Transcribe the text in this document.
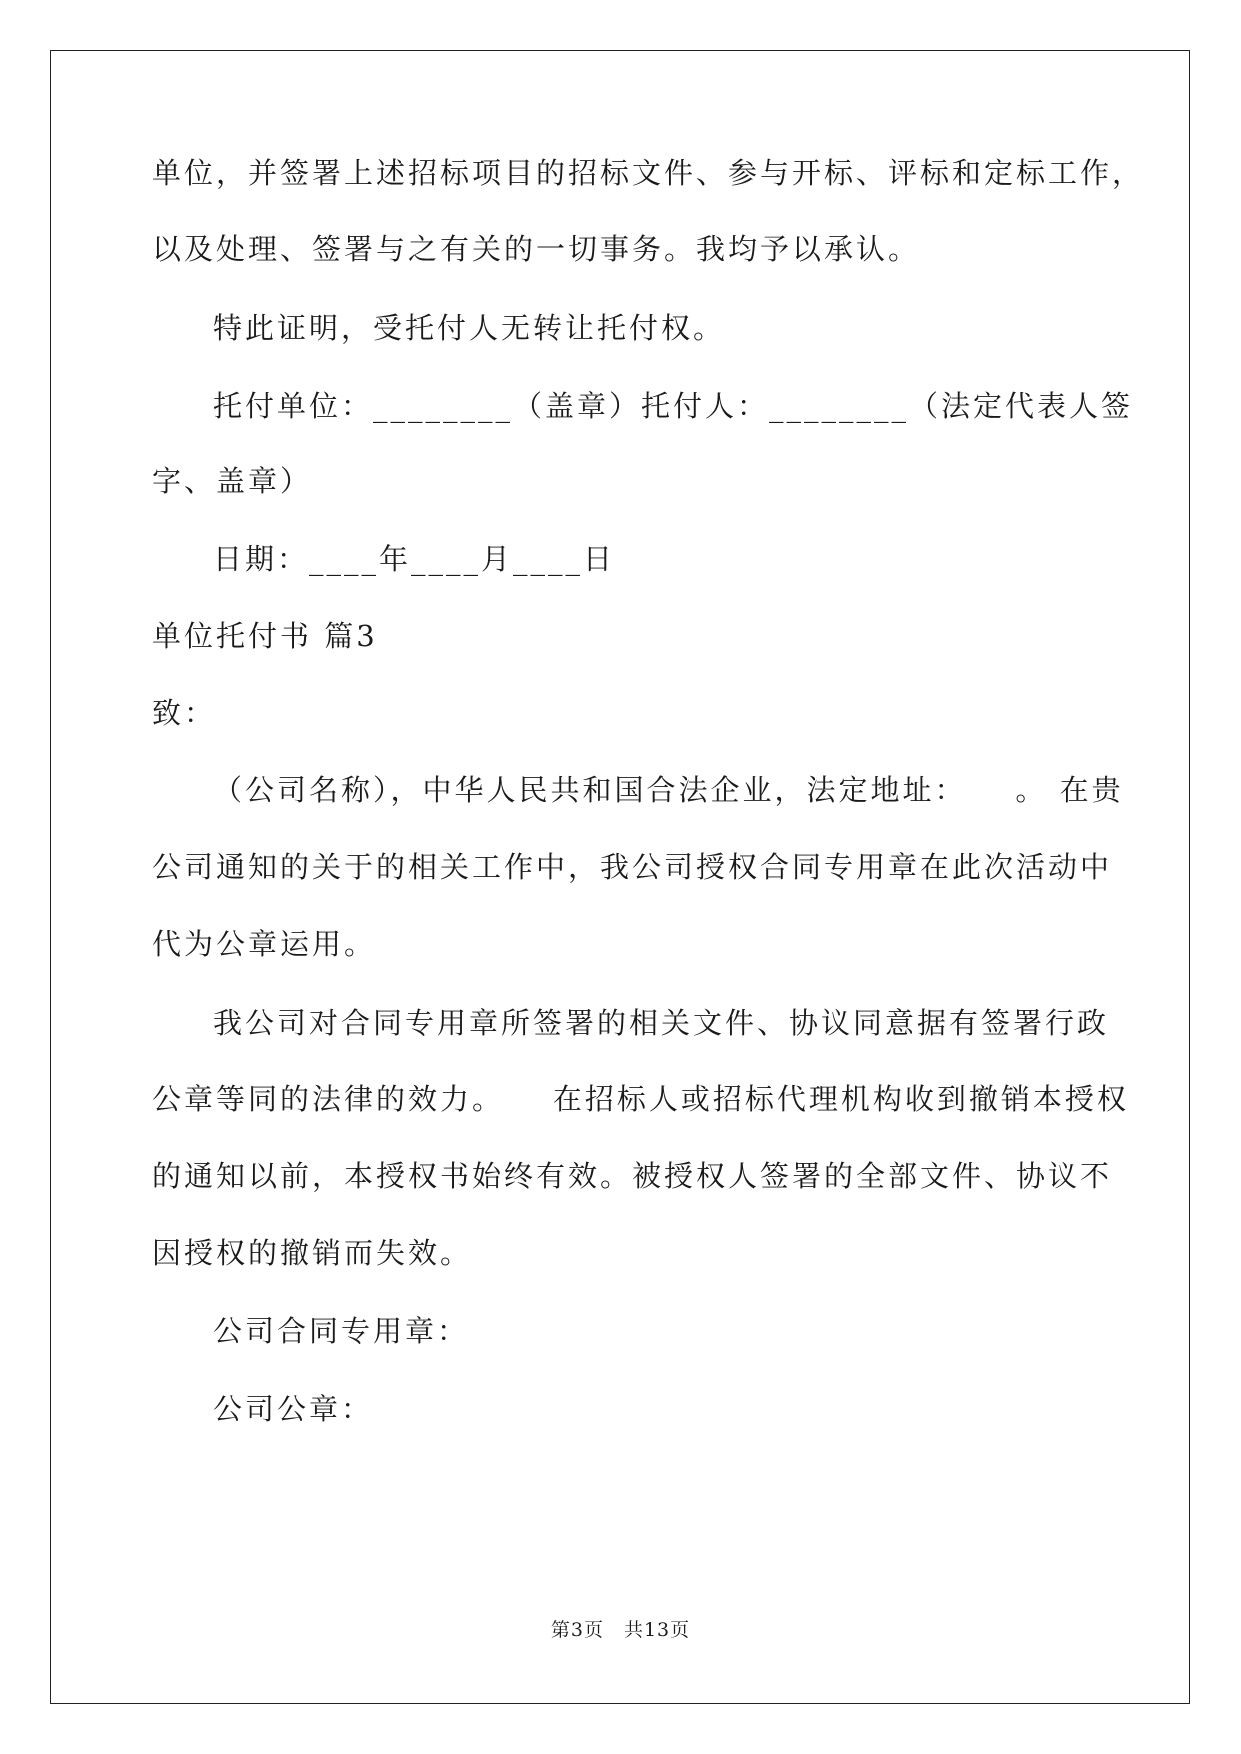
单位，并签署上述招标项目的招标文件、参与开标、评标和定标工作，
以及处理、签署与之有关的一切事务。我均予以承认。
特此证明，受托付人无转让托付权。
托付单位：________（盖章）托付人：________（法定代表人签
字、盖章）
日期：____年____月____日
单位托付书 篇3
致：
（公司名称），中华人民共和国合法企业，法定地址：    。 在贵
公司通知的关于的相关工作中，我公司授权合同专用章在此次活动中
代为公章运用。
我公司对合同专用章所签署的相关文件、协议同意据有签署行政
公章等同的法律的效力。    在招标人或招标代理机构收到撤销本授权
的通知以前，本授权书始终有效。被授权人签署的全部文件、协议不
因授权的撤销而失效。
公司合同专用章：
公司公章：
第3页　共13页
